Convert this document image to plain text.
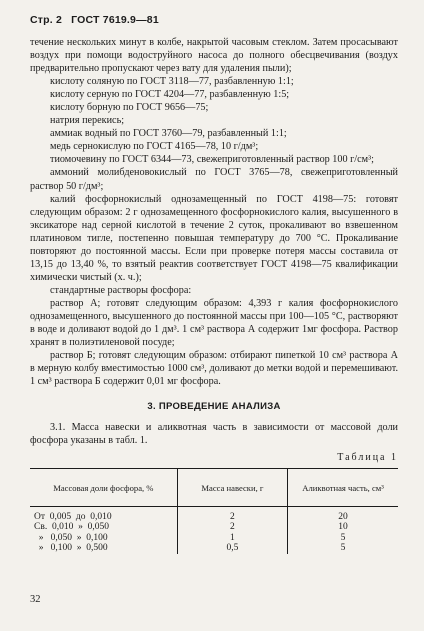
Стр. 2 ГОСТ 7619.9—81

течение нескольких минут в колбе, накрытой часовым стеклом. Затем просасывают воздух при помощи водоструйного насоса до полного обесцвечивания (воздух предварительно пропускают через вату для удаления пыли);

кислоту соляную по ГОСТ 3118—77, разбавленную 1:1;

кислоту серную по ГОСТ 4204—77, разбавленную 1:5;

кислоту борную по ГОСТ 9656—75;

натрия перекись;

аммиак водный по ГОСТ 3760—79, разбавленный 1:1;

медь сернокислую по ГОСТ 4165—78, 10 г/дм³;

тиомочевину по ГОСТ 6344—73, свежеприготовленный раствор 100 г/см³;

аммоний молибденовокислый по ГОСТ 3765—78, свежеприготовленный раствор 50 г/дм³;

калий фосфорнокислый однозамещенный по ГОСТ 4198—75: готовят следующим образом: 2 г однозамещенного фосфорнокислого калия, высушенного в эксикаторе над серной кислотой в течение 2 суток, прокаливают во взвешенном платиновом тигле, постепенно повышая температуру до 700 °С. Прокаливание повторяют до постоянной массы. Если при проверке потеря массы составила от 13,15 до 13,40 %, то взятый реактив соответствует ГОСТ 4198—75 квалификации химически чистый (х. ч.);

стандартные растворы фосфора:

раствор А; готовят следующим образом: 4,393 г калия фосфорнокислого однозамещенного, высушенного до постоянной массы при 100—105 °С, растворяют в воде и доливают водой до 1 дм³. 1 см³ раствора А содержит 1мг фосфора. Раствор хранят в полиэтиленовой посуде;

раствор Б; готовят следующим образом: отбирают пипеткой 10 см³ раствора А в мерную колбу вместимостью 1000 см³, доливают до метки водой и перемешивают. 1 см³ раствора Б содержит 0,01 мг фосфора.

3. ПРОВЕДЕНИЕ АНАЛИЗА

3.1. Масса навески и аликвотная часть в зависимости от массовой доли фосфора указаны в табл. 1.

Таблица 1
Массовая доли фосфора, %	Масса навески, г	Аликвотная часть, см³
От  0,005  до  0,010	2	20
Св.  0,010  »  0,050	2	10
»   0,050  »  0,100	1	5
»   0,100  »  0,500	0,5	5
32
